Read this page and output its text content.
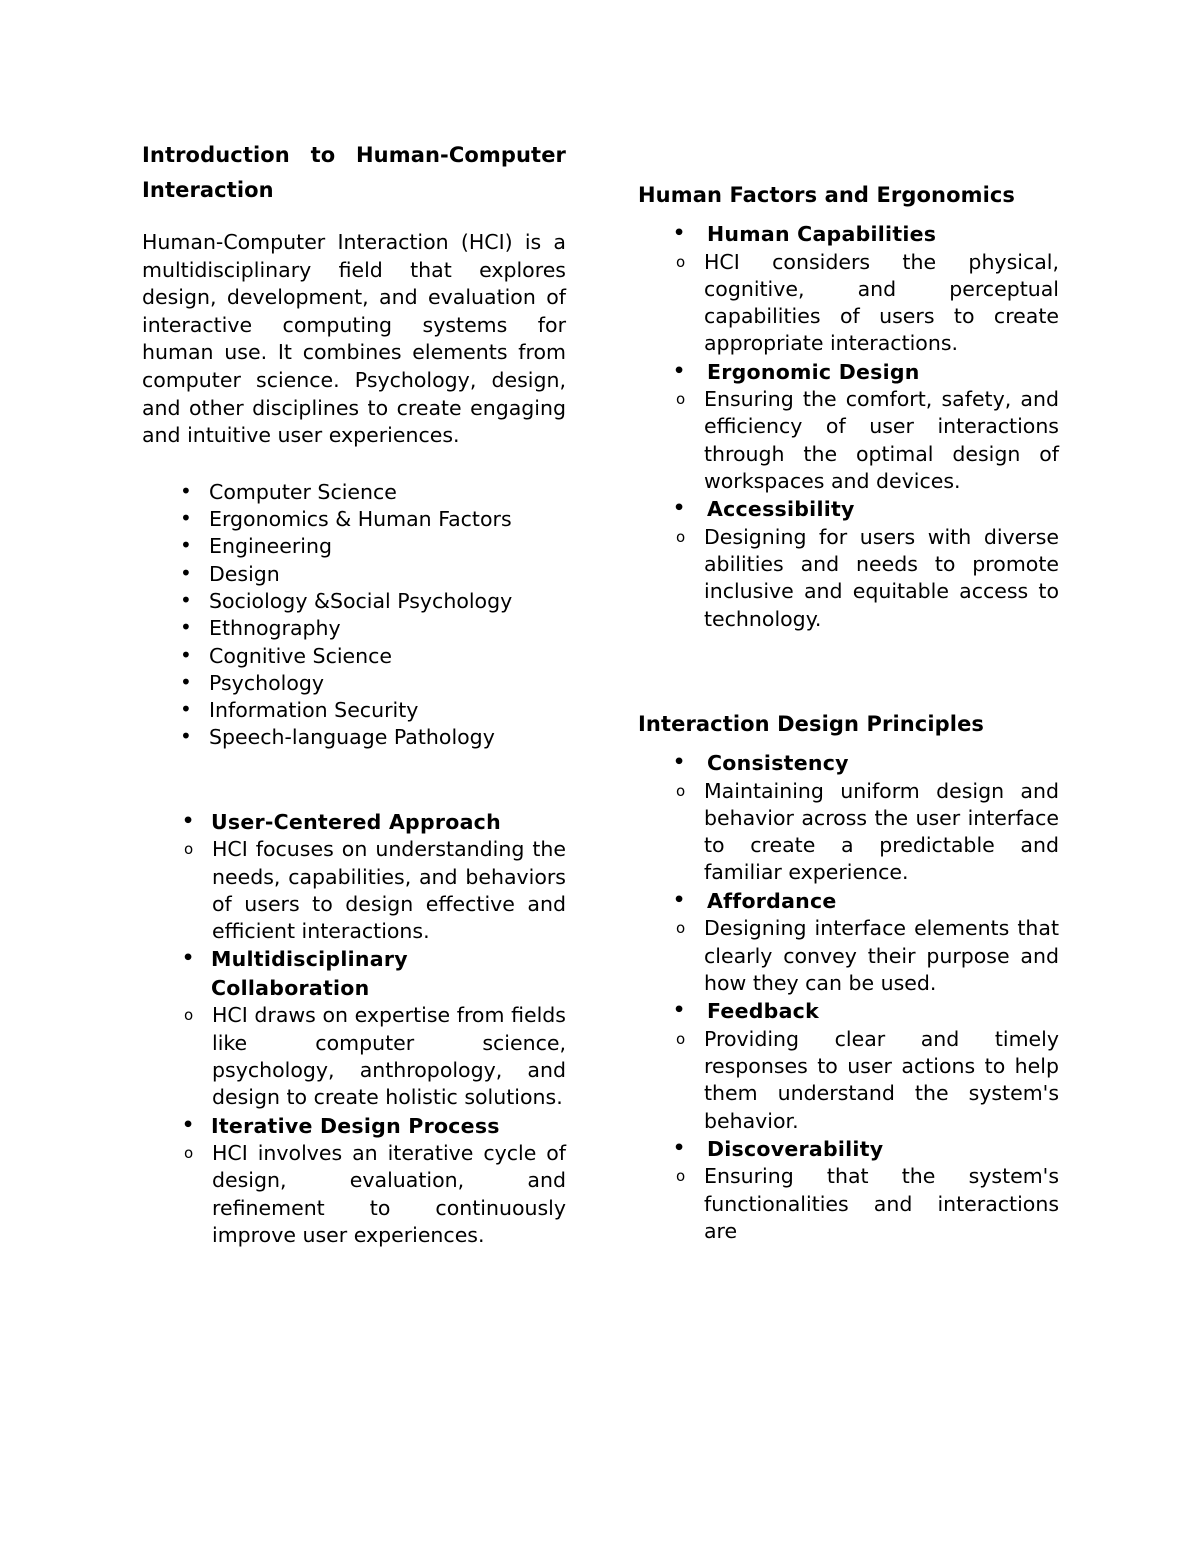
Introduction to Human-Computer Interaction

Human-Computer Interaction (HCI) is a multidisciplinary field that explores design, development, and evaluation of interactive computing systems for human use. It combines elements from computer science. Psychology, design, and other disciplines to create engaging and intuitive user experiences.

• Computer Science
• Ergonomics & Human Factors
• Engineering
• Design
• Sociology &Social Psychology
• Ethnography
• Cognitive Science
• Psychology
• Information Security
• Speech-language Pathology
• User-Centered Approach
o HCI focuses on understanding the needs, capabilities, and behaviors of users to design effective and efficient interactions.
• Multidisciplinary Collaboration
o HCI draws on expertise from fields like computer science, psychology, anthropology, and design to create holistic solutions.
• Iterative Design Process
o HCI involves an iterative cycle of design, evaluation, and refinement to continuously improve user experiences.
Human Factors and Ergonomics
• Human Capabilities
o HCI considers the physical, cognitive, and perceptual capabilities of users to create appropriate interactions.
• Ergonomic Design
o Ensuring the comfort, safety, and efficiency of user interactions through the optimal design of workspaces and devices.
• Accessibility
o Designing for users with diverse abilities and needs to promote inclusive and equitable access to technology.
Interaction Design Principles
• Consistency
o Maintaining uniform design and behavior across the user interface to create a predictable and familiar experience.
• Affordance
o Designing interface elements that clearly convey their purpose and how they can be used.
• Feedback
o Providing clear and timely responses to user actions to help them understand the system's behavior.
• Discoverability
o Ensuring that the system's functionalities and interactions are
